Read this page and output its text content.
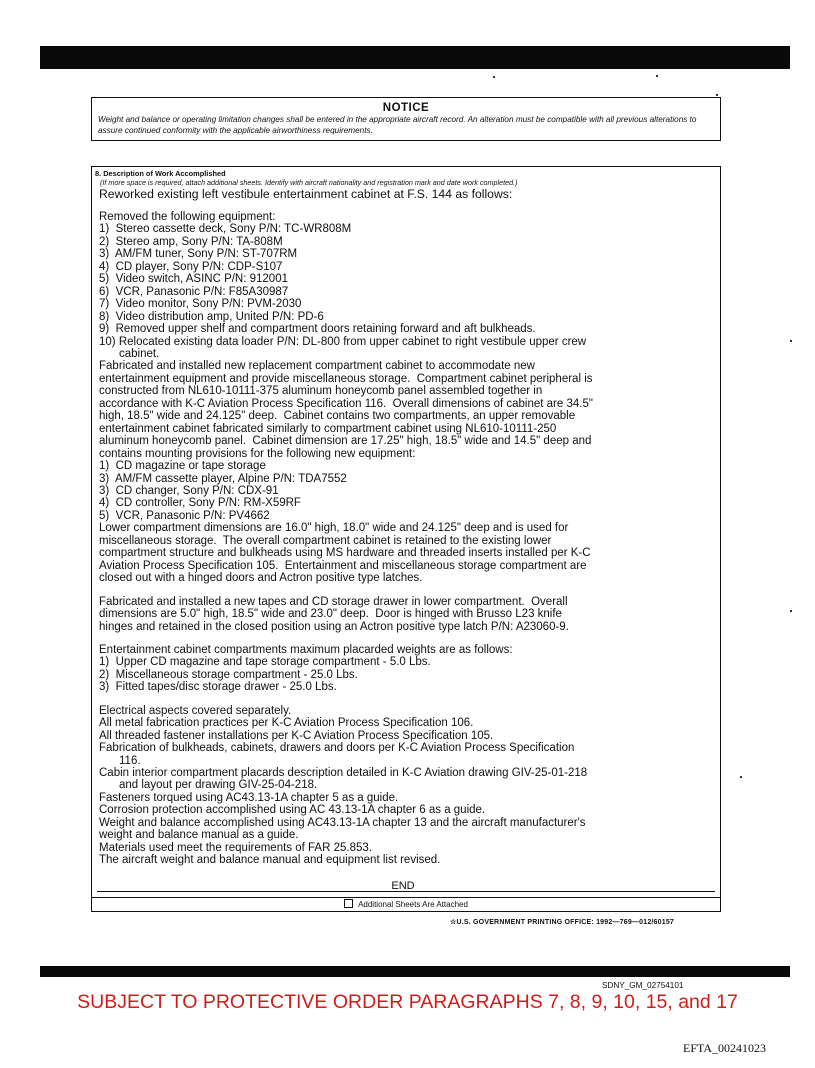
NOTICE
Weight and balance or operating limitation changes shall be entered in the appropriate aircraft record. An alteration must be compatible with all previous alterations to assure continued conformity with the applicable airworthiness requirements.
8. Description of Work Accomplished
(If more space is required, attach additional sheets. Identify with aircraft nationality and registration mark and date work completed.)
Reworked existing left vestibule entertainment cabinet at F.S. 144 as follows:
Removed the following equipment:
1)  Stereo cassette deck, Sony P/N: TC-WR808M
2)  Stereo amp, Sony P/N: TA-808M
3)  AM/FM tuner, Sony P/N: ST-707RM
4)  CD player, Sony P/N: CDP-S107
5)  Video switch, ASINC P/N: 912001
6)  VCR, Panasonic P/N: F85A30987
7)  Video monitor, Sony P/N: PVM-2030
8)  Video distribution amp, United P/N: PD-6
9)  Removed upper shelf and compartment doors retaining forward and aft bulkheads.
10) Relocated existing data loader P/N: DL-800 from upper cabinet to right vestibule upper crew
cabinet.
Fabricated and installed new replacement compartment cabinet to accommodate new
entertainment equipment and provide miscellaneous storage.  Compartment cabinet peripheral is
constructed from NL610-10111-375 aluminum honeycomb panel assembled together in
accordance with K-C Aviation Process Specification 116.  Overall dimensions of cabinet are 34.5"
high, 18.5" wide and 24.125" deep.  Cabinet contains two compartments, an upper removable
entertainment cabinet fabricated similarly to compartment cabinet using NL610-10111-250
aluminum honeycomb panel.  Cabinet dimension are 17.25" high, 18.5" wide and 14.5" deep and
contains mounting provisions for the following new equipment:
1)  CD magazine or tape storage
3)  AM/FM cassette player, Alpine P/N: TDA7552
3)  CD changer, Sony P/N: CDX-91
4)  CD controller, Sony P/N: RM-X59RF
5)  VCR, Panasonic P/N: PV4662
Lower compartment dimensions are 16.0" high, 18.0" wide and 24.125" deep and is used for
miscellaneous storage.  The overall compartment cabinet is retained to the existing lower
compartment structure and bulkheads using MS hardware and threaded inserts installed per K-C
Aviation Process Specification 105.  Entertainment and miscellaneous storage compartment are
closed out with a hinged doors and Actron positive type latches.
Fabricated and installed a new tapes and CD storage drawer in lower compartment.  Overall
dimensions are 5.0" high, 18.5" wide and 23.0" deep.  Door is hinged with Brusso L23 knife
hinges and retained in the closed position using an Actron positive type latch P/N: A23060-9.
Entertainment cabinet compartments maximum placarded weights are as follows:
1)  Upper CD magazine and tape storage compartment - 5.0 Lbs.
2)  Miscellaneous storage compartment - 25.0 Lbs.
3)  Fitted tapes/disc storage drawer - 25.0 Lbs.
Electrical aspects covered separately.
All metal fabrication practices per K-C Aviation Process Specification 106.
All threaded fastener installations per K-C Aviation Process Specification 105.
Fabrication of bulkheads, cabinets, drawers and doors per K-C Aviation Process Specification
116.
Cabin interior compartment placards description detailed in K-C Aviation drawing GIV-25-01-218
and layout per drawing GIV-25-04-218.
Fasteners torqued using AC43.13-1A chapter 5 as a guide.
Corrosion protection accomplished using AC 43.13-1A chapter 6 as a guide.
Weight and balance accomplished using AC43.13-1A chapter 13 and the aircraft manufacturer's
weight and balance manual as a guide.
Materials used meet the requirements of FAR 25.853.
The aircraft weight and balance manual and equipment list revised.
END
Additional Sheets Are Attached
☆U.S. GOVERNMENT PRINTING OFFICE: 1992—769—012/60157
SDNY_GM_02754101
SUBJECT TO PROTECTIVE ORDER PARAGRAPHS 7, 8, 9, 10, 15, and 17
EFTA_00241023
